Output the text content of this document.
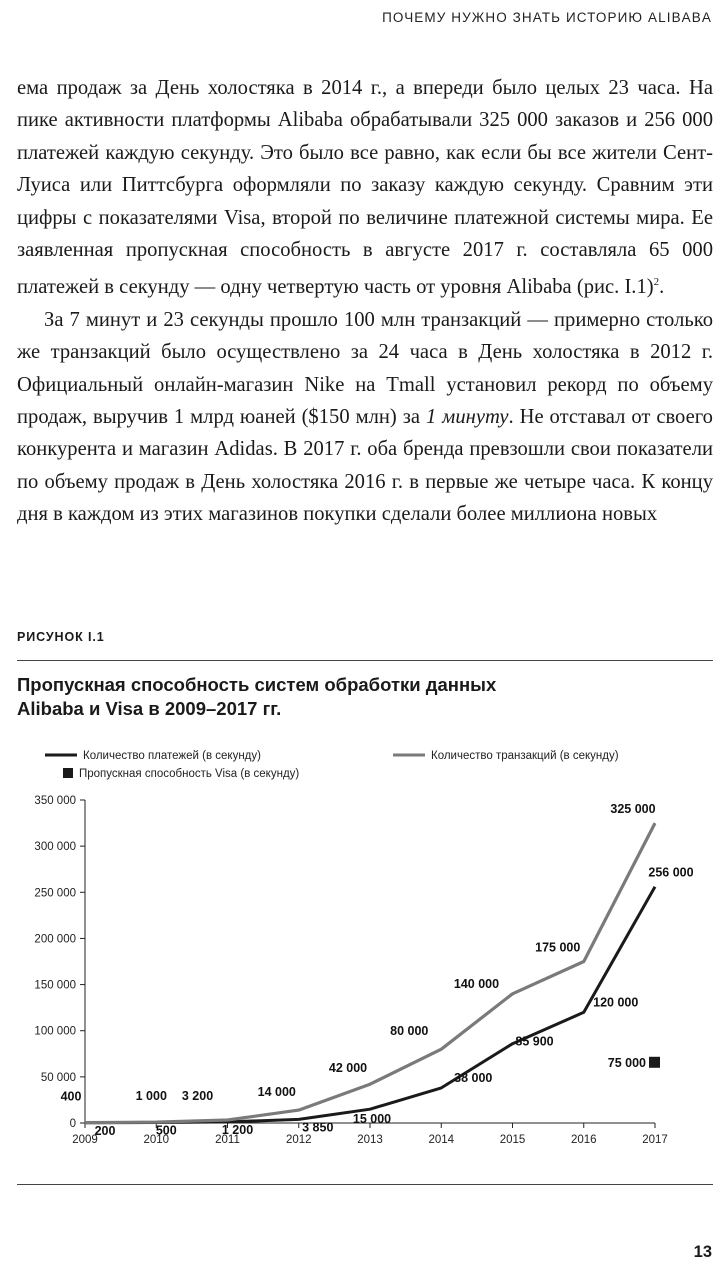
ПОЧЕМУ НУЖНО ЗНАТЬ ИСТОРИЮ ALIBABA

ема продаж за День холостяка в 2014 г., а впереди было целых 23 часа. На пике активности платформы Alibaba обрабатывали 325 000 заказов и 256 000 платежей каждую секунду. Это было все равно, как если бы все жители Сент-Луиса или Питтсбурга оформляли по заказу каждую секунду. Сравним эти цифры с показателями Visa, второй по величине платежной системы мира. Ее заявленная пропускная способность в августе 2017 г. составляла 65 000 платежей в секунду — одну четвертую часть от уровня Alibaba (рис. I.1)$^2$.

За 7 минут и 23 секунды прошло 100 млн транзакций — примерно столько же транзакций было осуществлено за 24 часа в День холостяка в 2012 г. Официальный онлайн-магазин Nike на Tmall установил рекорд по объему продаж, выручив 1 млрд юаней ($150 млн) за 1 минуту. Не отставал от своего конкурента и магазин Adidas. В 2017 г. оба бренда превзошли свои показатели по объему продаж в День холостяка 2016 г. в первые же четыре часа. К концу дня в каждом из этих магазинов покупки сделали более миллиона новых

РИСУНОК I.1
Пропускная способность систем обработки данных
Alibaba и Visa в 2009–2017 гг.
Количество платежей (в секунду)	Количество транзакций (в секунду)
Пропускная способность Visa (в секунду)
0
50 000
100 000
150 000
200 000
250 000
300 000
350 000
2009	2010	2011	2012	2013	2014	2015	2016	2017
200	500	1 200	3 850
15 000
38 000
85 900
120 000
256 000
400	1 000 3 200	14 000
42 000
80 000
140 000
175 000
325 000
75 000
13
